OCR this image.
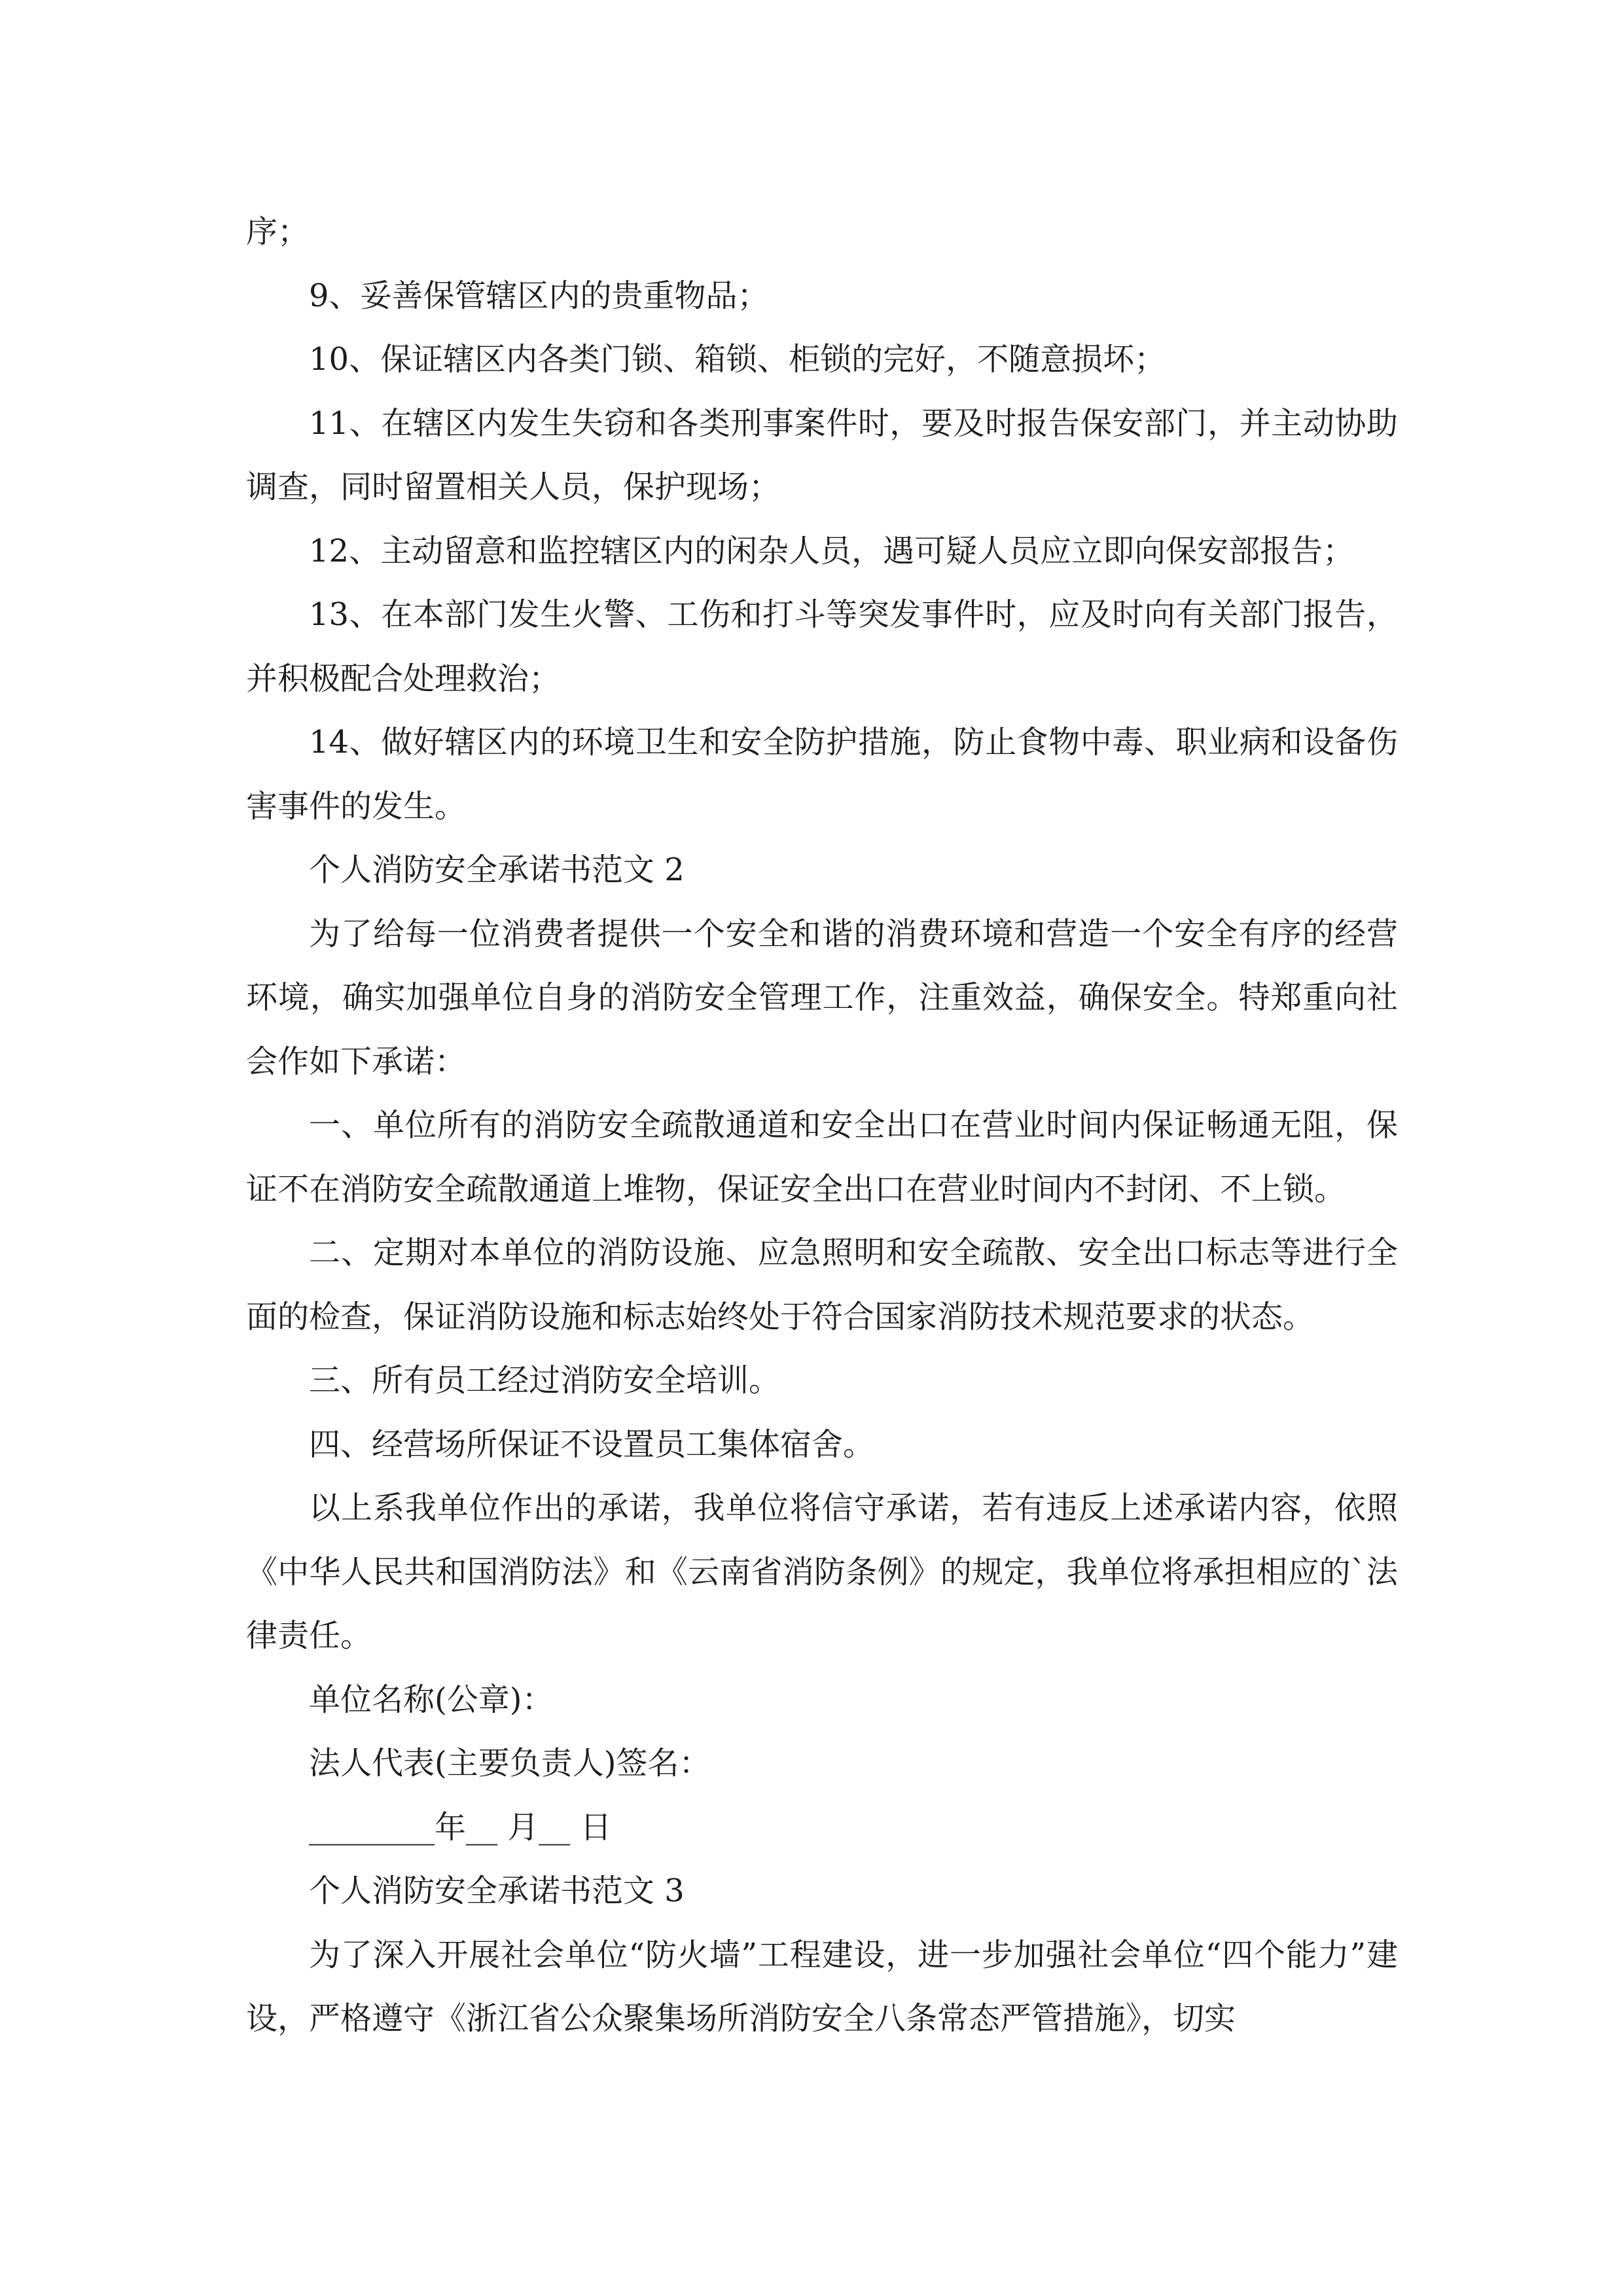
序；

9、妥善保管辖区内的贵重物品；

10、保证辖区内各类门锁、箱锁、柜锁的完好，不随意损坏；

11、在辖区内发生失窃和各类刑事案件时，要及时报告保安部门，并主动协助调查，同时留置相关人员，保护现场；

12、主动留意和监控辖区内的闲杂人员，遇可疑人员应立即向保安部报告；

13、在本部门发生火警、工伤和打斗等突发事件时，应及时向有关部门报告，并积极配合处理救治；

14、做好辖区内的环境卫生和安全防护措施，防止食物中毒、职业病和设备伤害事件的发生。

个人消防安全承诺书范文 2

为了给每一位消费者提供一个安全和谐的消费环境和营造一个安全有序的经营环境，确实加强单位自身的消防安全管理工作，注重效益，确保安全。特郑重向社会作如下承诺：

一、单位所有的消防安全疏散通道和安全出口在营业时间内保证畅通无阻，保证不在消防安全疏散通道上堆物，保证安全出口在营业时间内不封闭、不上锁。

二、定期对本单位的消防设施、应急照明和安全疏散、安全出口标志等进行全面的检查，保证消防设施和标志始终处于符合国家消防技术规范要求的状态。

三、所有员工经过消防安全培训。

四、经营场所保证不设置员工集体宿舍。

以上系我单位作出的承诺，我单位将信守承诺，若有违反上述承诺内容，依照《中华人民共和国消防法》和《云南省消防条例》的规定，我单位将承担相应的`法律责任。

单位名称(公章)：

法人代表(主要负责人)签名：

________年__ 月__ 日

个人消防安全承诺书范文 3

为了深入开展社会单位“防火墙”工程建设，进一步加强社会单位“四个能力”建设，严格遵守《浙江省公众聚集场所消防安全八条常态严管措施》，切实
